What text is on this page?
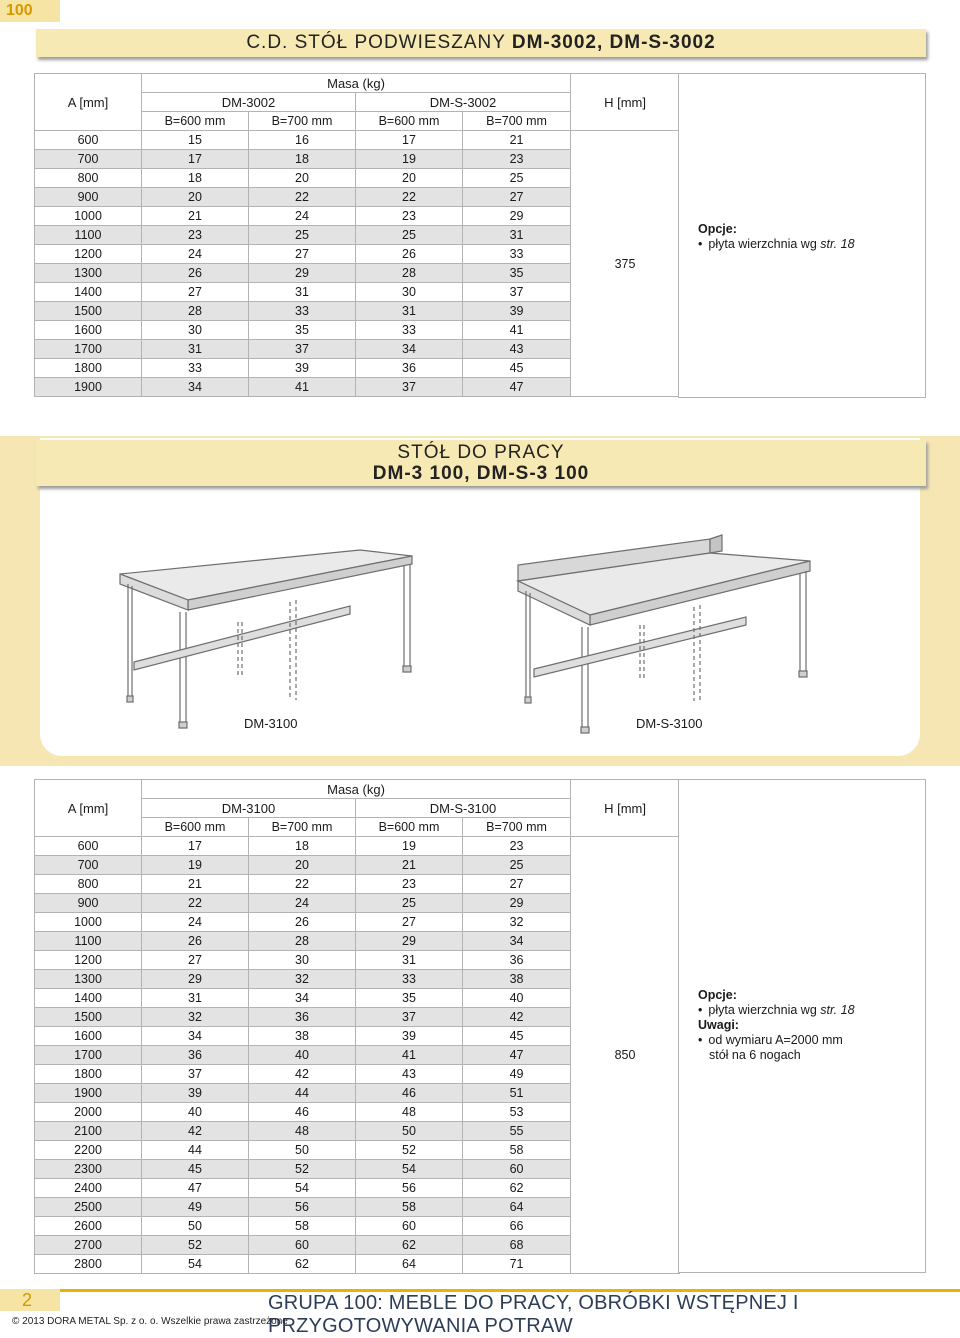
100
C.D. STÓŁ PODWIESZANY DM-3002, DM-S-3002
A [mm]	Masa (kg)				H [mm]
	DM-3002		DM-S-3002		
	B=600 mm	B=700 mm	B=600 mm	B=700 mm	
600	15	16	17	21	375
700	17	18	19	23	
800	18	20	20	25	
900	20	22	22	27	
1000	21	24	23	29	
1100	23	25	25	31	
1200	24	27	26	33	
1300	26	29	28	35	
1400	27	31	30	37	
1500	28	33	31	39	
1600	30	35	33	41	
1700	31	37	34	43	
1800	33	39	36	45	
1900	34	41	37	47	
Opcje:
• płyta wierzchnia wg str. 18
STÓŁ DO PRACY
DM-3 100, DM-S-3 100
DM-3100	DM-S-3100
A [mm]	Masa (kg)				H [mm]
	DM-3100		DM-S-3100		
	B=600 mm	B=700 mm	B=600 mm	B=700 mm	
600	17	18	19	23	850
700	19	20	21	25	
800	21	22	23	27	
900	22	24	25	29	
1000	24	26	27	32	
1100	26	28	29	34	
1200	27	30	31	36	
1300	29	32	33	38	
1400	31	34	35	40	
1500	32	36	37	42	
1600	34	38	39	45	
1700	36	40	41	47	
1800	37	42	43	49	
1900	39	44	46	51	
2000	40	46	48	53	
2100	42	48	50	55	
2200	44	50	52	58	
2300	45	52	54	60	
2400	47	54	56	62	
2500	49	56	58	64	
2600	50	58	60	66	
2700	52	60	62	68	
2800	54	62	64	71	
Opcje:
• płyta wierzchnia wg str. 18
Uwagi:
• od wymiaru A=2000 mm
stół na 6 nogach
2	GRUPA 100: MEBLE DO PRACY, OBRÓBKI WSTĘPNEJ I PRZYGOTOWYWANIA POTRAW
© 2013 DORA METAL Sp. z o. o. Wszelkie prawa zastrzeżone
